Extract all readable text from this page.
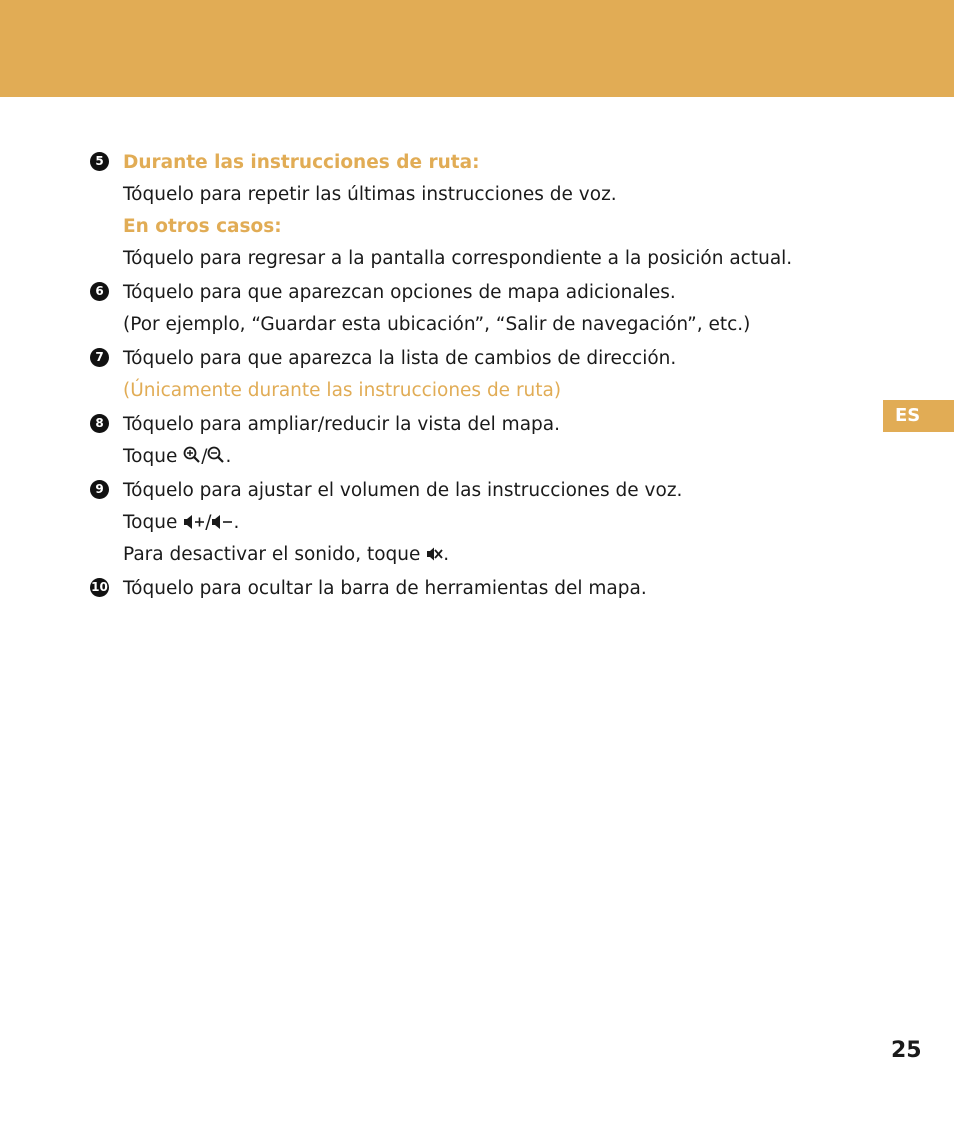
ES
5 Durante las instrucciones de ruta:
Tóquelo para repetir las últimas instrucciones de voz.
En otros casos:
Tóquelo para regresar a la pantalla correspondiente a la posición actual.
6 Tóquelo para que aparezcan opciones de mapa adicionales.
(Por ejemplo, “Guardar esta ubicación”, “Salir de navegación”, etc.)
7 Tóquelo para que aparezca la lista de cambios de dirección.
(Únicamente durante las instrucciones de ruta)
8 Tóquelo para ampliar/reducir la vista del mapa.
Toque / .
9 Tóquelo para ajustar el volumen de las instrucciones de voz.
Toque / .
Para desactivar el sonido, toque .
10 Tóquelo para ocultar la barra de herramientas del mapa.
25
